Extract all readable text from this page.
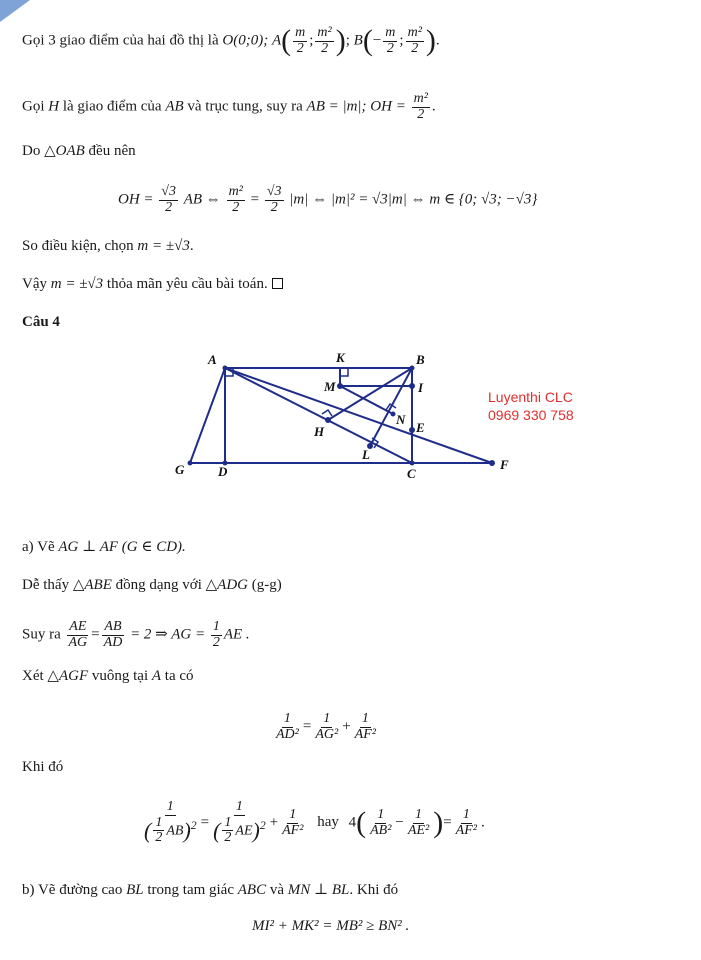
Gọi 3 giao điểm của hai đồ thị là O(0;0); $A( \frac{m}{2}$ ; $\frac{\text{m²}}{2}$ ); $B(- \frac{m}{2}$ ; $\frac{\text{m²}}{2}$ ).
Gọi H là giao điểm của AB và trục tung, suy ra AB = |m|; OH = $\frac{\text{m²}}{2}$ .
Do △OAB đều nên
OH = $\frac{√3}{2}$ AB ⇔ $\frac{\text{m²}}{2} = \frac{√3}{2} |m|$ ⇔ |m|² = √3|m| ⇔ m ∈ {0; √3; −√3}
So điều kiện, chọn m = ±√3.
Vậy m = ±√3 thỏa mãn yêu cầu bài toán.
Câu 4
A	K	B
M	I
N
E
H
L
G	D	C
F
Luyenthi CLC
0969 330 758
a) Vẽ AG ⊥ AF (G ∈ CD).
Dễ thấy △ABE đồng dạng với △ADG (g-g)
Suy ra $\frac{AE}{AG} = \frac{AB}{AD} = 2$ ⇒ AG = $\frac{1}{2}$ AE .
Xét △AGF vuông tại A ta có
$\frac{1}{\text{AD²}} = \frac{1}{\text{AG²}} + \frac{1}{\text{AF²}}$
Khi đó
$\frac{1}{( \frac{1}{2} AB)^2} = \frac{1}{( \frac{1}{2} AE)^2} + \frac{1}{\text{AF²}}$ hay $4( \frac{1}{\text{AB²}} - \frac{1}{\text{AE²}}$ )= $\frac{1}{\text{AF²}}$ .
b) Vẽ đường cao BL trong tam giác ABC và MN ⊥ BL. Khi đó
MI² + MK² = MB² ≥ BN² .
